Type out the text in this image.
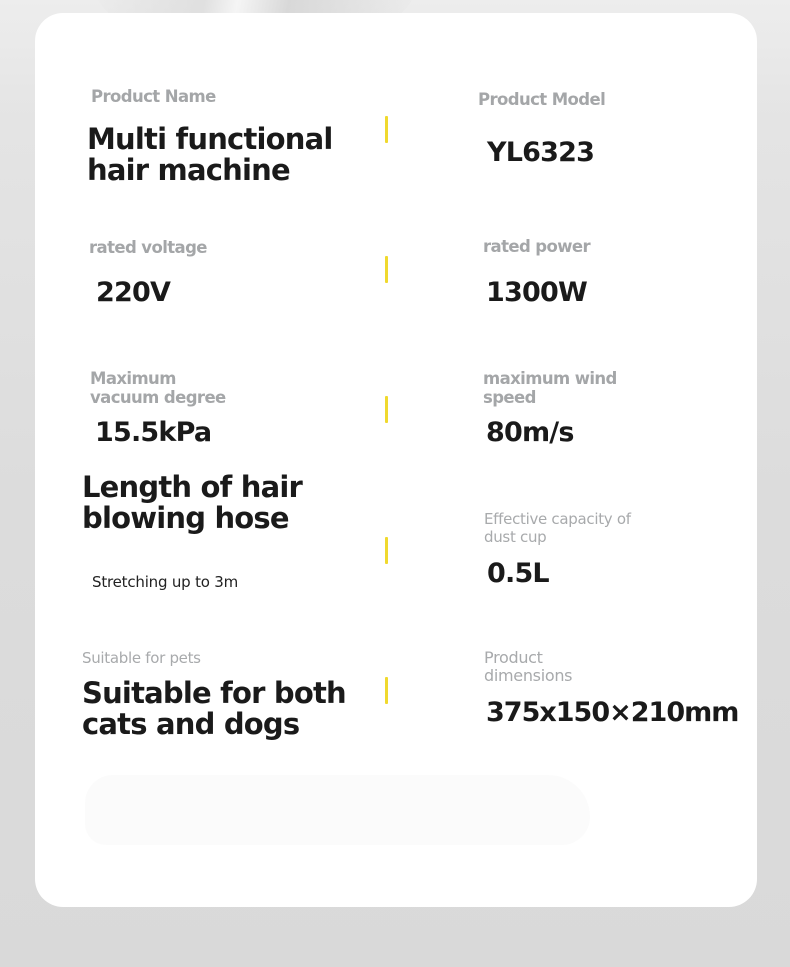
Product Name
Multi functional
hair machine
Product Model
YL6323
rated voltage
220V
rated power
1300W
Maximum
vacuum degree
15.5kPa
maximum wind
speed
80m/s
Length of hair
blowing hose
Stretching up to 3m
Effective capacity of
dust cup
0.5L
Suitable for pets
Suitable for both
cats and dogs
Product
dimensions
375x150×210mm
